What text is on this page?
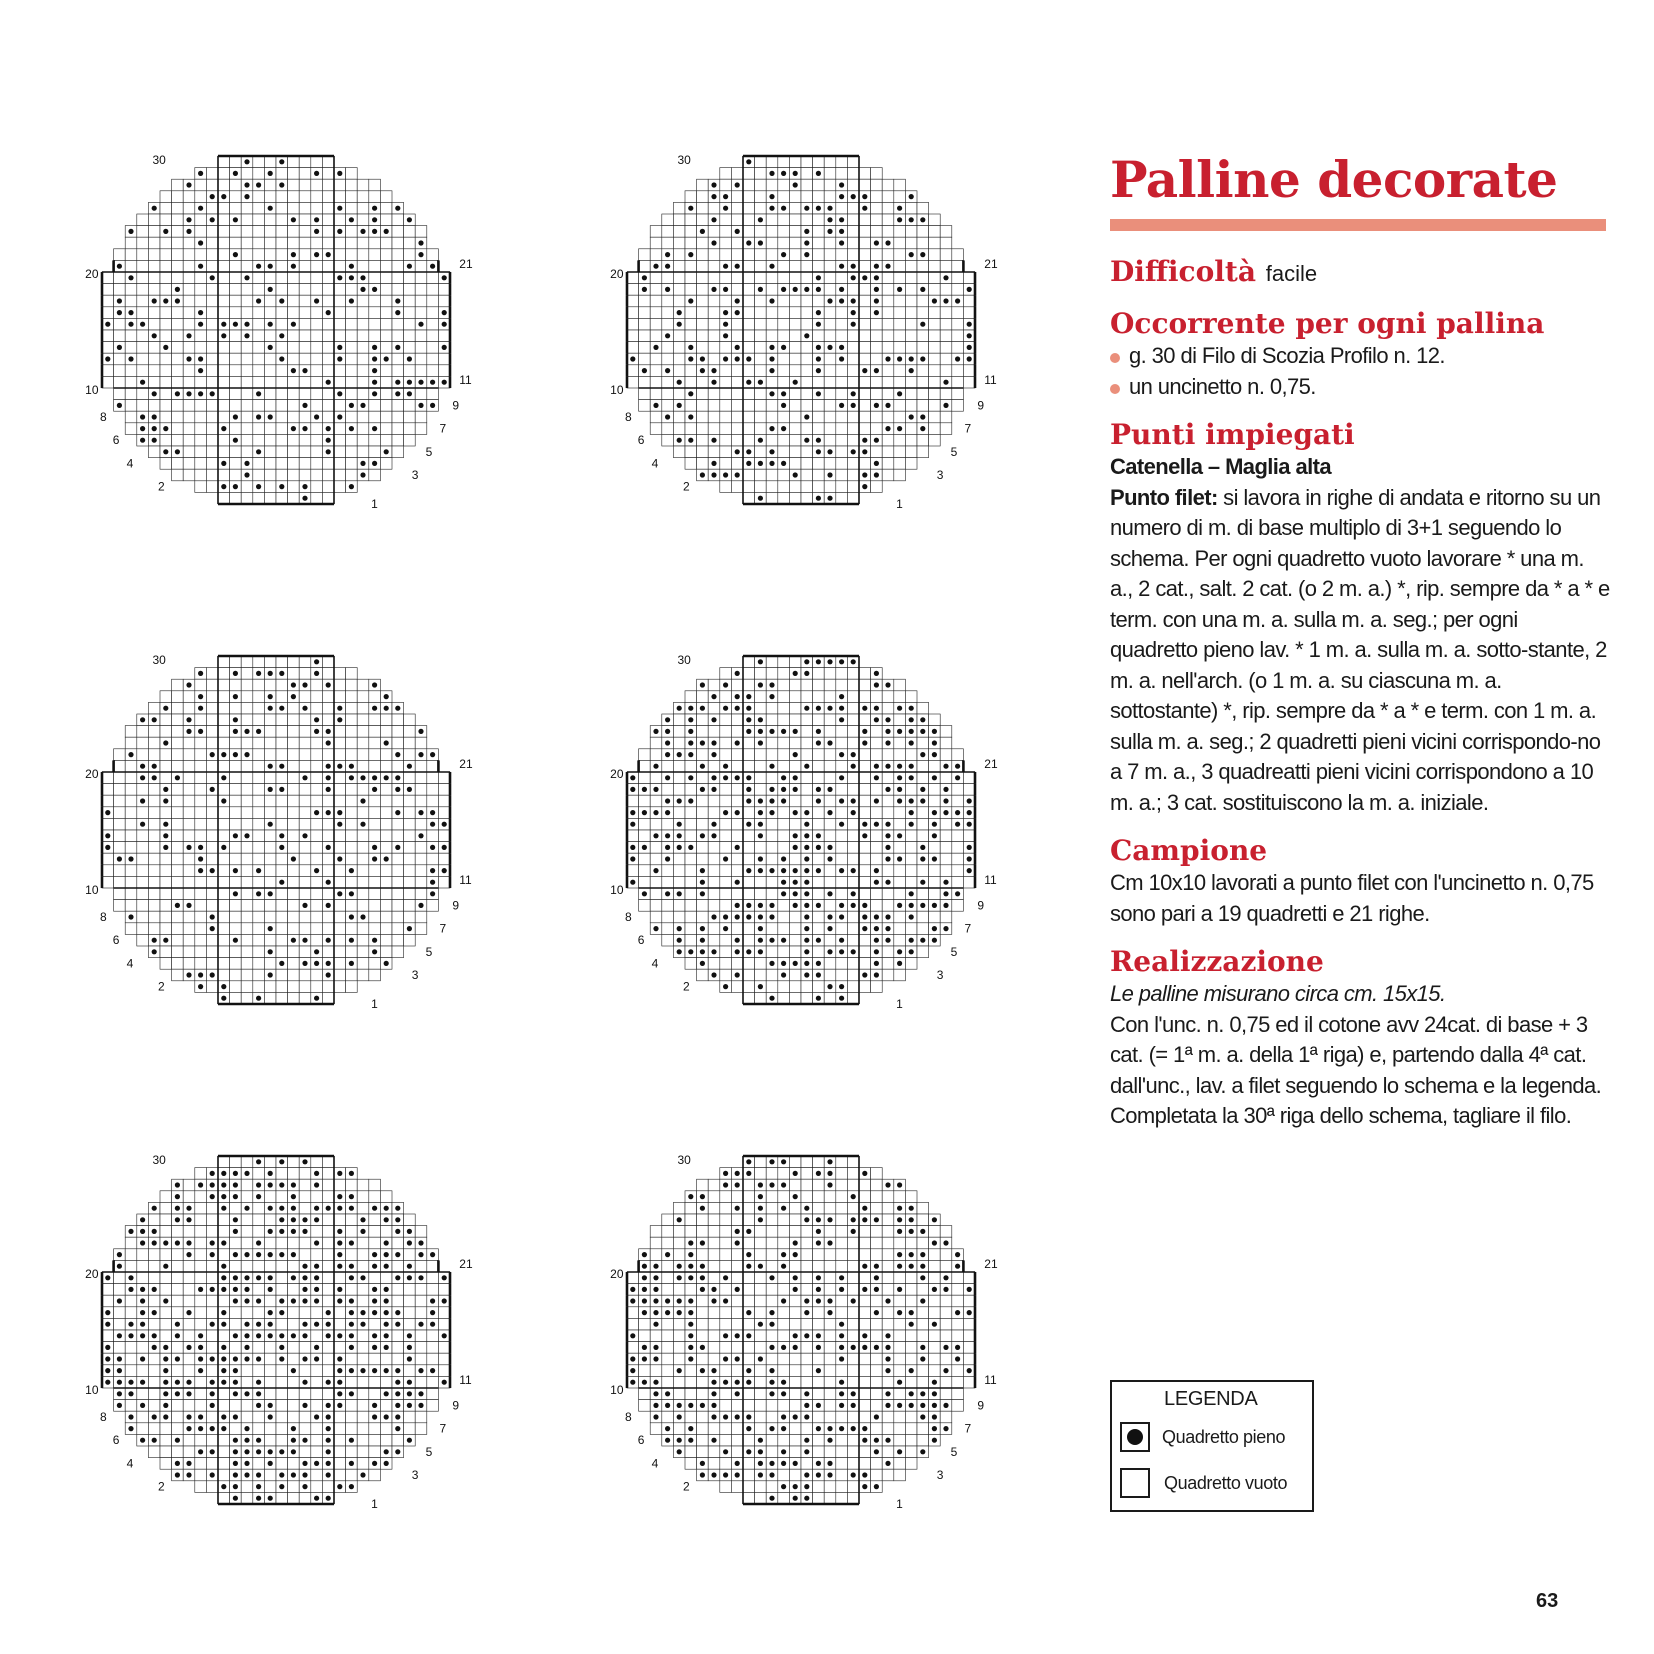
30
21
20
11
10
9
8
7
6
5
4
3
2
1
30
21
20
11
10
9
8
7
6
5
4
3
2
1
30
21
20
11
10
9
8
7
6
5
4
3
2
1
30
21
20
11
10
9
8
7
6
5
4
3
2
1
30
21
20
11
10
9
8
7
6
5
4
3
2
1
30
21
20
11
10
9
8
7
6
5
4
3
2
1
Palline decorate
Difficoltà facile
Occorrente per ogni pallina
g. 30 di Filo di Scozia Profilo n. 12.
un uncinetto n. 0,75.
Punti impiegati

Catenella – Maglia alta

Punto filet: si lavora in righe di andata e ritorno su un numero di m. di base multiplo di 3+1 seguendo lo schema. Per ogni quadretto vuoto lavorare * una m. a., 2 cat., salt. 2 cat. (o 2 m. a.) *, rip. sempre da * a * e term. con una m. a. sulla m. a. seg.; per ogni quadretto pieno lav. * 1 m. a. sulla m. a. sotto-stante, 2 m. a. nell'arch. (o 1 m. a. su ciascuna m. a. sottostante) *, rip. sempre da * a * e term. con 1 m. a. sulla m. a. seg.; 2 quadretti pieni vicini corrispondo-no a 7 m. a., 3 quadreatti pieni vicini corrispondono a 10 m. a.; 3 cat. sostituiscono la m. a. iniziale.

Campione

Cm 10x10 lavorati a punto filet con l'uncinetto n. 0,75 sono pari a 19 quadretti e 21 righe.

Realizzazione

Le palline misurano circa cm. 15x15.

Con l'unc. n. 0,75 ed il cotone avv 24cat. di base + 3 cat. (= 1ª m. a. della 1ª riga) e, partendo dalla 4ª cat. dall'unc., lav. a filet seguendo lo schema e la legenda. Completata la 30ª riga dello schema, tagliare il filo.

LEGENDA
Quadretto pieno
Quadretto vuoto
63
